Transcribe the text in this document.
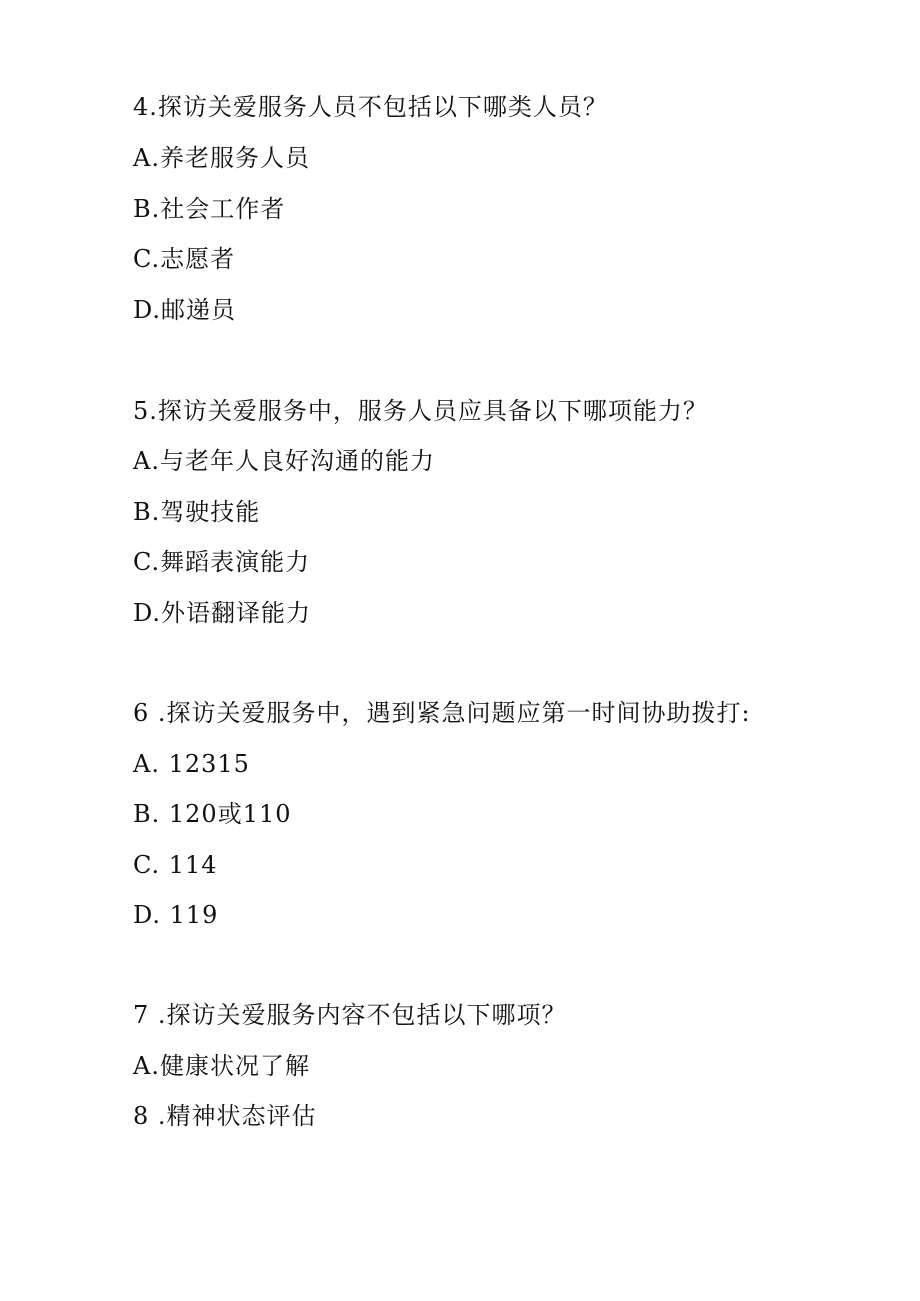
4.探访关爱服务人员不包括以下哪类人员？
A.养老服务人员
B.社会工作者
C.志愿者
D.邮递员
5.探访关爱服务中，服务人员应具备以下哪项能力？
A.与老年人良好沟通的能力
B.驾驶技能
C.舞蹈表演能力
D.外语翻译能力
6 .探访关爱服务中，遇到紧急问题应第一时间协助拨打:
A. 12315
B. 120或110
C. 114
D. 119
7 .探访关爱服务内容不包括以下哪项？
A.健康状况了解
8 .精神状态评估
